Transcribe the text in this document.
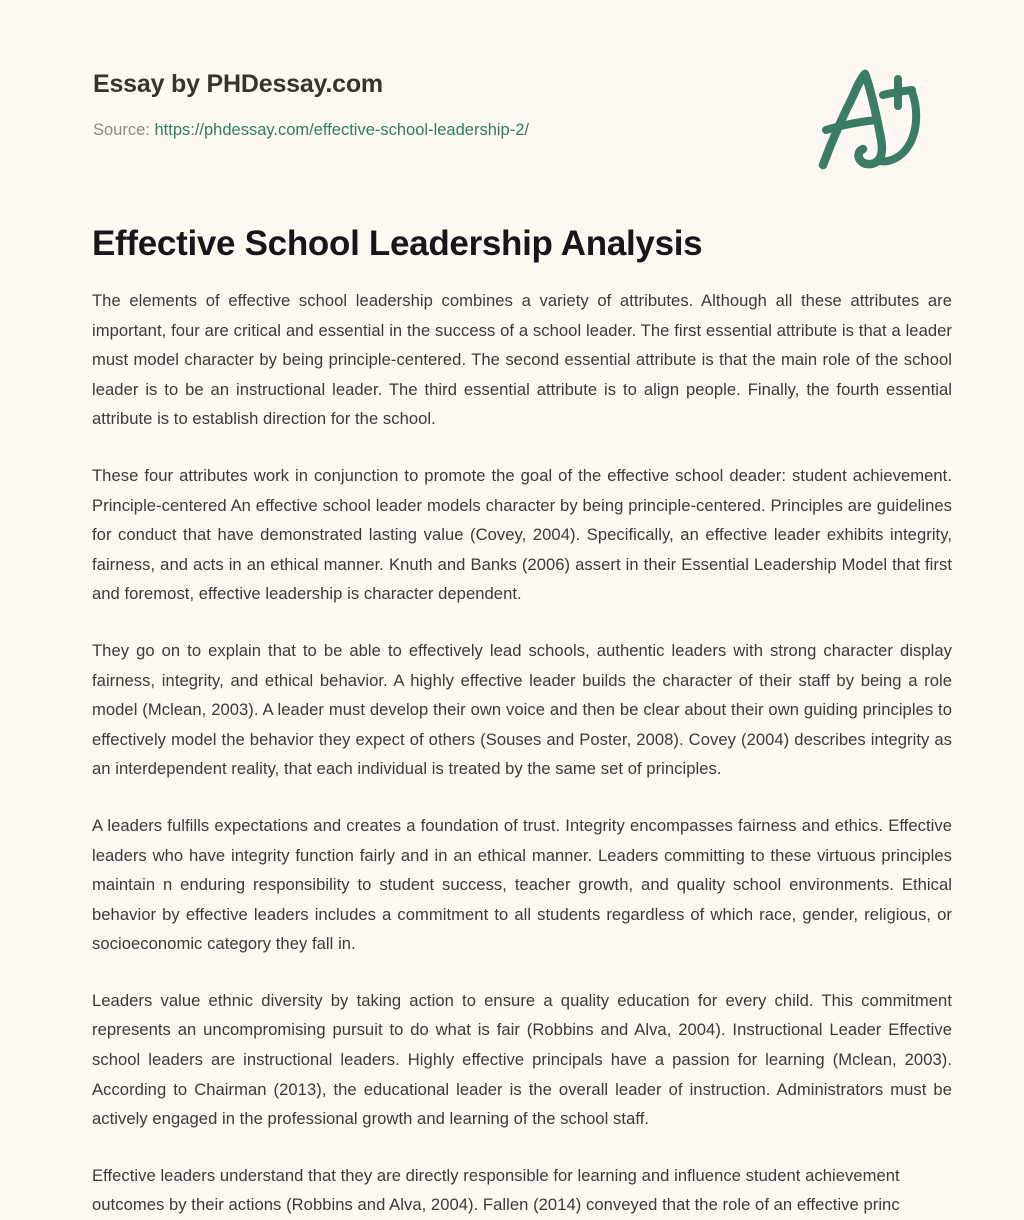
Essay by PHDessay.com
Source: https://phdessay.com/effective-school-leadership-2/
Effective School Leadership Analysis

The elements of effective school leadership combines a variety of attributes. Although all these attributes are important, four are critical and essential in the success of a school leader. The first essential attribute is that a leader must model character by being principle-centered. The second essential attribute is that the main role of the school leader is to be an instructional leader. The third essential attribute is to align people. Finally, the fourth essential attribute is to establish direction for the school.

These four attributes work in conjunction to promote the goal of the effective school deader: student achievement. Principle-centered An effective school leader models character by being principle-centered. Principles are guidelines for conduct that have demonstrated lasting value (Covey, 2004). Specifically, an effective leader exhibits integrity, fairness, and acts in an ethical manner. Knuth and Banks (2006) assert in their Essential Leadership Model that first and foremost, effective leadership is character dependent.

They go on to explain that to be able to effectively lead schools, authentic leaders with strong character display fairness, integrity, and ethical behavior. A highly effective leader builds the character of their staff by being a role model (Mclean, 2003). A leader must develop their own voice and then be clear about their own guiding principles to effectively model the behavior they expect of others (Souses and Poster, 2008). Covey (2004) describes integrity as an interdependent reality, that each individual is treated by the same set of principles.

A leaders fulfills expectations and creates a foundation of trust. Integrity encompasses fairness and ethics. Effective leaders who have integrity function fairly and in an ethical manner. Leaders committing to these virtuous principles maintain n enduring responsibility to student success, teacher growth, and quality school environments. Ethical behavior by effective leaders includes a commitment to all students regardless of which race, gender, religious, or socioeconomic category they fall in.

Leaders value ethnic diversity by taking action to ensure a quality education for every child. This commitment represents an uncompromising pursuit to do what is fair (Robbins and Alva, 2004). Instructional Leader Effective school leaders are instructional leaders. Highly effective principals have a passion for learning (Mclean, 2003). According to Chairman (2013), the educational leader is the overall leader of instruction. Administrators must be actively engaged in the professional growth and learning of the school staff.

Effective leaders understand that they are directly responsible for learning and influence student achievement outcomes by their actions (Robbins and Alva, 2004). Fallen (2014) conveyed that the role of an effective princ
